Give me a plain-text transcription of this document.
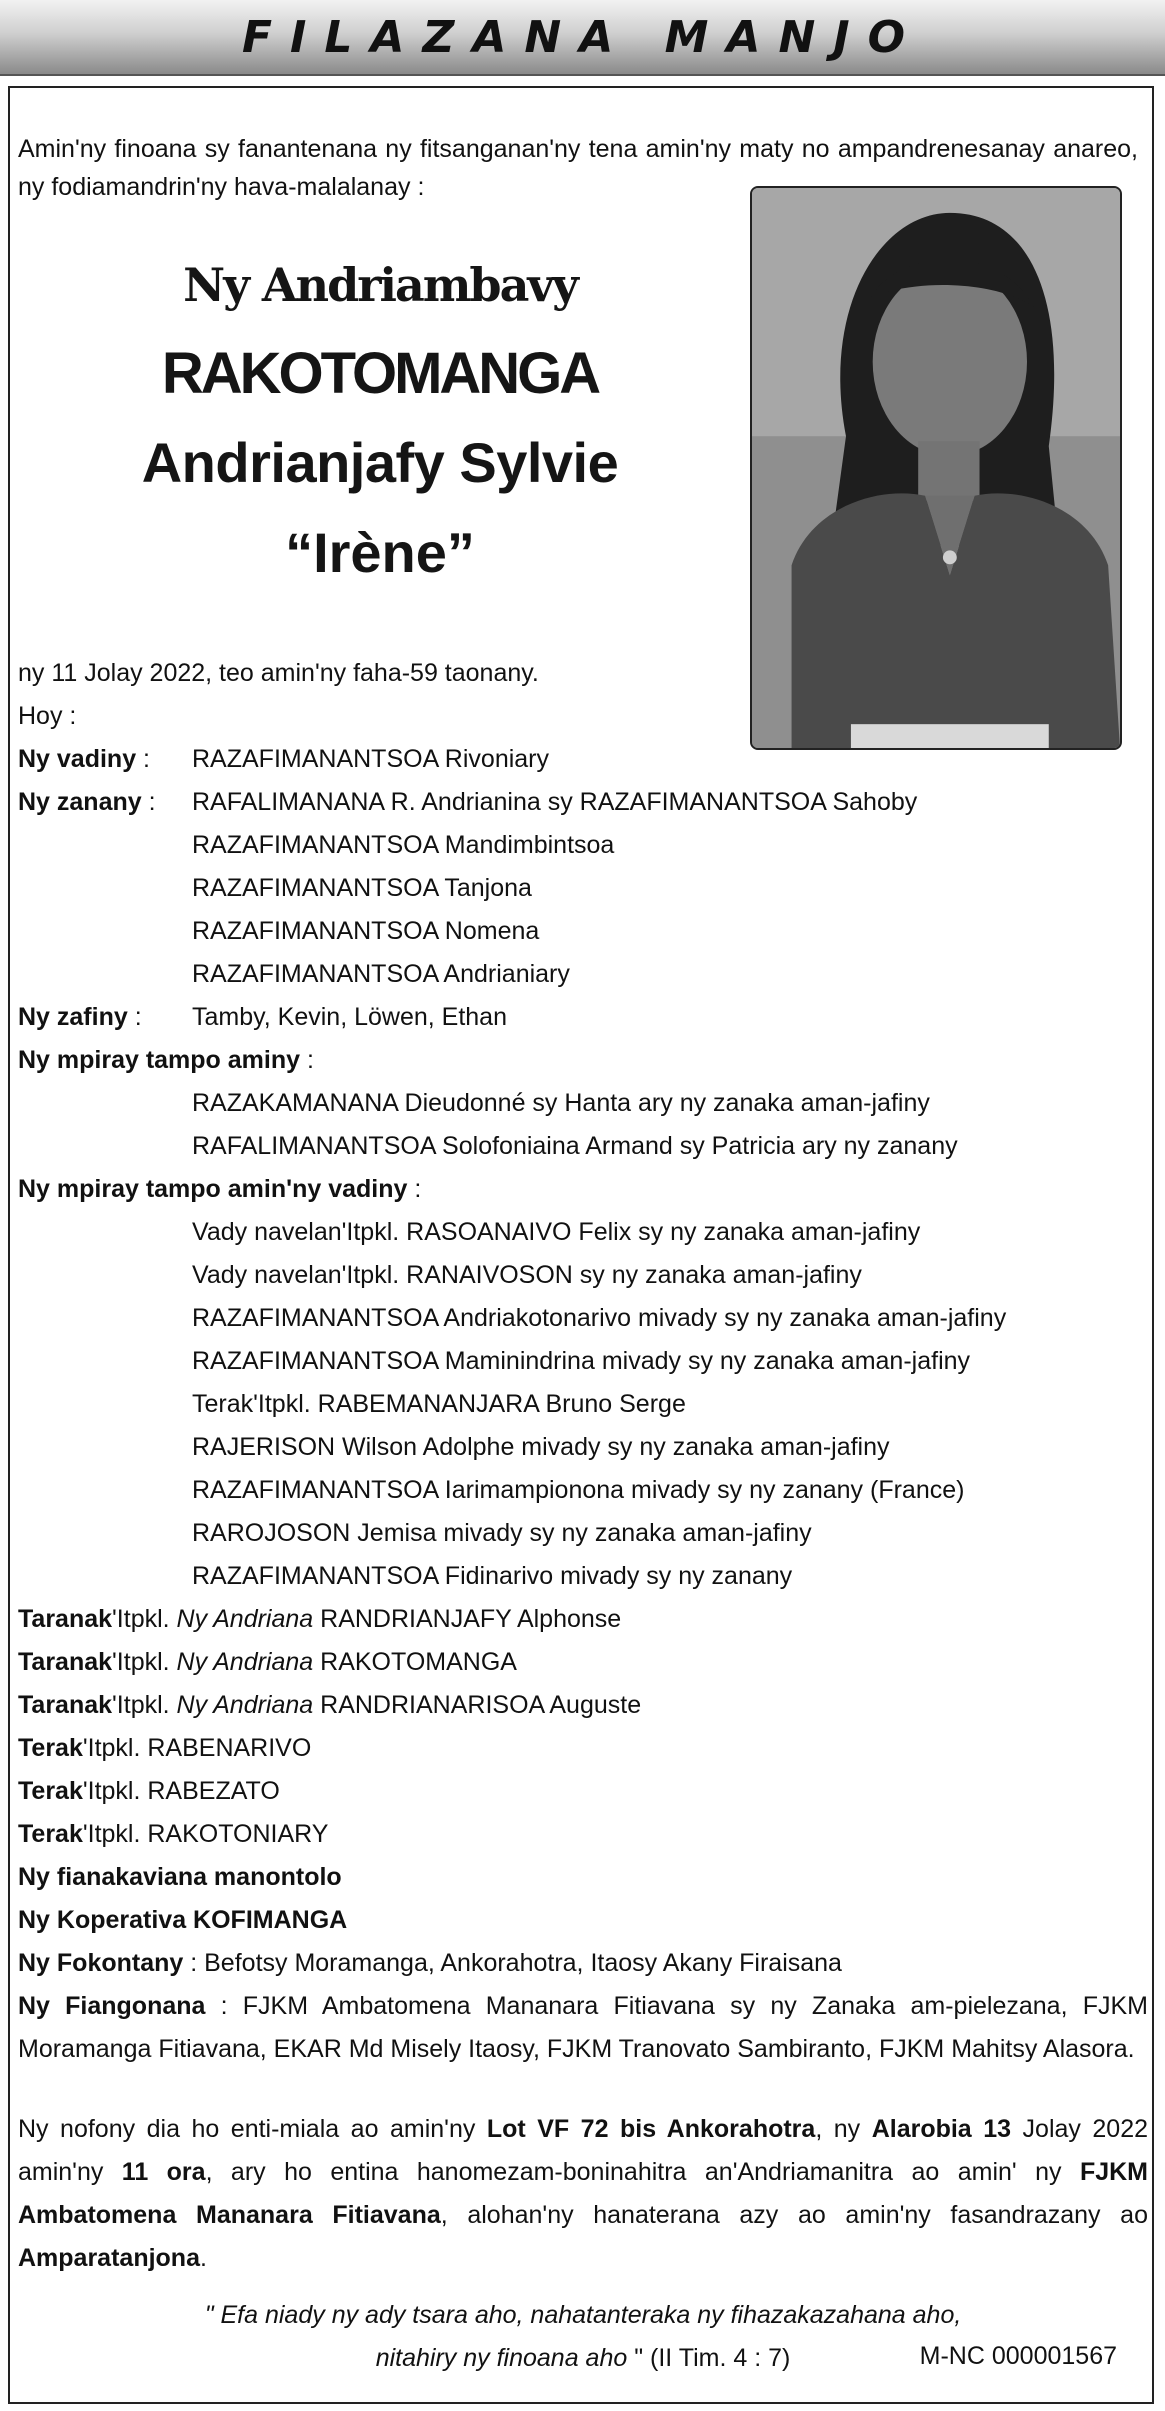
FILAZANA MANJO
Amin'ny finoana sy fanantenana ny fitsanganan'ny tena amin'ny maty no ampandrenesanay anareo, ny fodiamandrin'ny hava-malalanay :
Ny Andriambavy
RAKOTOMANGA
Andrianjafy Sylvie
“Irène”
ny 11 Jolay 2022, teo amin'ny faha-59 taonany.
Hoy :
Ny vadiny :	RAZAFIMANANTSOA Rivoniary
Ny zanany :	RAFALIMANANA R. Andrianina sy RAZAFIMANANTSOA Sahoby
RAZAFIMANANTSOA Mandimbintsoa
RAZAFIMANANTSOA Tanjona
RAZAFIMANANTSOA Nomena
RAZAFIMANANTSOA Andrianiary
Ny zafiny :	Tamby, Kevin, Löwen, Ethan
Ny mpiray tampo aminy :
RAZAKAMANANA Dieudonné sy Hanta ary ny zanaka aman-jafiny
RAFALIMANANTSOA Solofoniaina Armand sy Patricia ary ny zanany
Ny mpiray tampo amin'ny vadiny :
Vady navelan'Itpkl. RASOANAIVO Felix sy ny zanaka aman-jafiny
Vady navelan'Itpkl. RANAIVOSON sy ny zanaka aman-jafiny
RAZAFIMANANTSOA Andriakotonarivo mivady sy ny zanaka aman-jafiny
RAZAFIMANANTSOA Maminindrina mivady sy ny zanaka aman-jafiny
Terak'Itpkl. RABEMANANJARA Bruno Serge
RAJERISON Wilson Adolphe mivady sy ny zanaka aman-jafiny
RAZAFIMANANTSOA Iarimampionona mivady sy ny zanany (France)
RAROJOSON Jemisa mivady sy ny zanaka aman-jafiny
RAZAFIMANANTSOA Fidinarivo mivady sy ny zanany
Taranak'Itpkl. Ny Andriana RANDRIANJAFY Alphonse
Taranak'Itpkl. Ny Andriana RAKOTOMANGA
Taranak'Itpkl. Ny Andriana RANDRIANARISOA Auguste
Terak'Itpkl. RABENARIVO
Terak'Itpkl. RABEZATO
Terak'Itpkl. RAKOTONIARY
Ny fianakaviana manontolo
Ny Koperativa KOFIMANGA
Ny Fokontany : Befotsy Moramanga, Ankorahotra, Itaosy Akany Firaisana
Ny Fiangonana : FJKM Ambatomena Mananara Fitiavana sy ny Zanaka am-pielezana, FJKM Moramanga Fitiavana, EKAR Md Misely Itaosy, FJKM Tranovato Sambiranto, FJKM Mahitsy Alasora.
Ny nofony dia ho enti-miala ao amin'ny Lot VF 72 bis Ankorahotra, ny Alarobia 13 Jolay 2022 amin'ny 11 ora, ary ho entina hanomezam-boninahitra an'Andriamanitra ao amin' ny FJKM Ambatomena Mananara Fitiavana, alohan'ny hanaterana azy ao amin'ny fasandrazany ao Amparatanjona.
" Efa niady ny ady tsara aho, nahatanteraka ny fihazakazahana aho,
nitahiry ny finoana aho " (II Tim. 4 : 7)	M-NC 000001567
